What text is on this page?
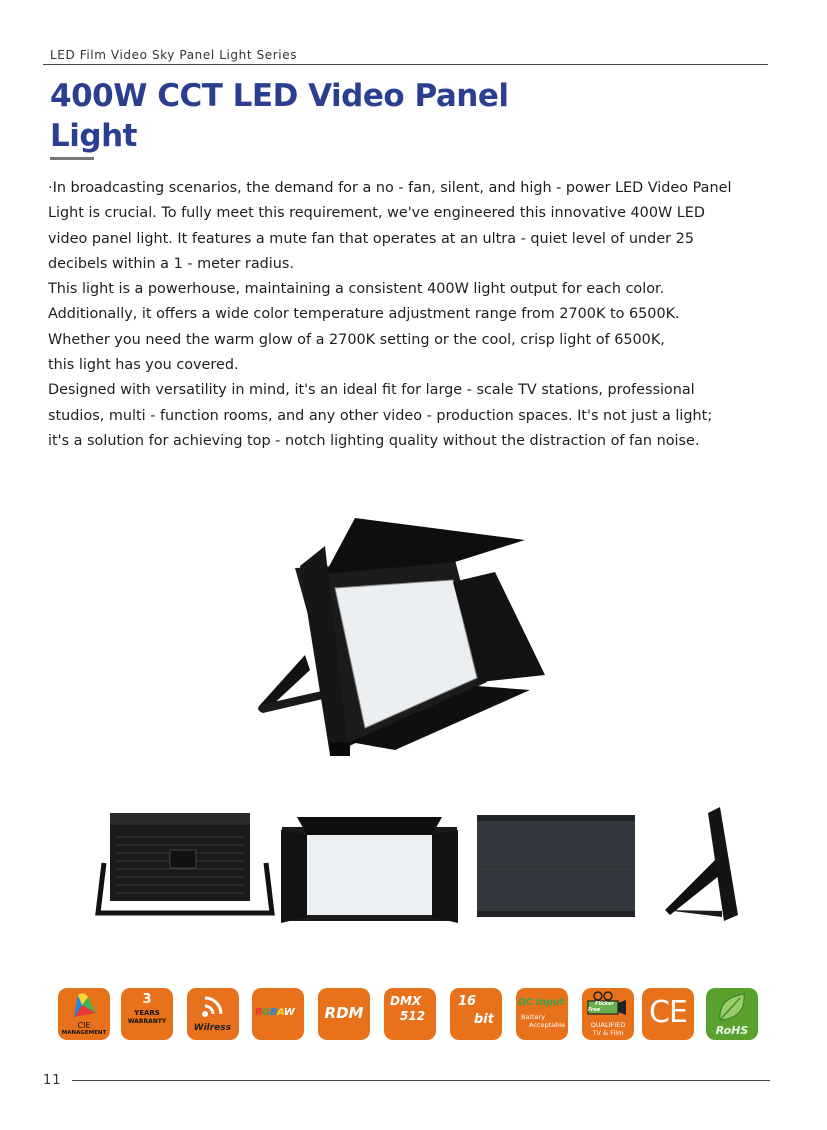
LED Film Video Sky Panel Light Series
400W CCT LED Video Panel
Light
·In broadcasting scenarios, the demand for a no - fan, silent, and high - power LED Video Panel
Light is crucial. To fully meet this requirement, we've engineered this innovative 400W LED
video panel light. It features a mute fan that operates at an ultra - quiet level of under 25
decibels within a 1 - meter radius.
This light is a powerhouse, maintaining a consistent 400W light output for each color.
Additionally, it offers a wide color temperature adjustment range from 2700K to 6500K.
Whether you need the warm glow of a 2700K setting or the cool, crisp light of 6500K,
this light has you covered.
Designed with versatility in mind, it's an ideal fit for large - scale TV stations, professional
studios, multi - function rooms, and any other video - production spaces. It's not just a light;
it's a solution for achieving top - notch lighting quality without the distraction of fan noise.
CIE
MANAGEMENT
3
YEARS
WARRANTY
Wilress
RGBAW	RDM
DMX
512
16
bit
DC Input
Battery
Acceptable
Flicker
Free
QUALIFIED
TV & Film
CE
RoHS
11
